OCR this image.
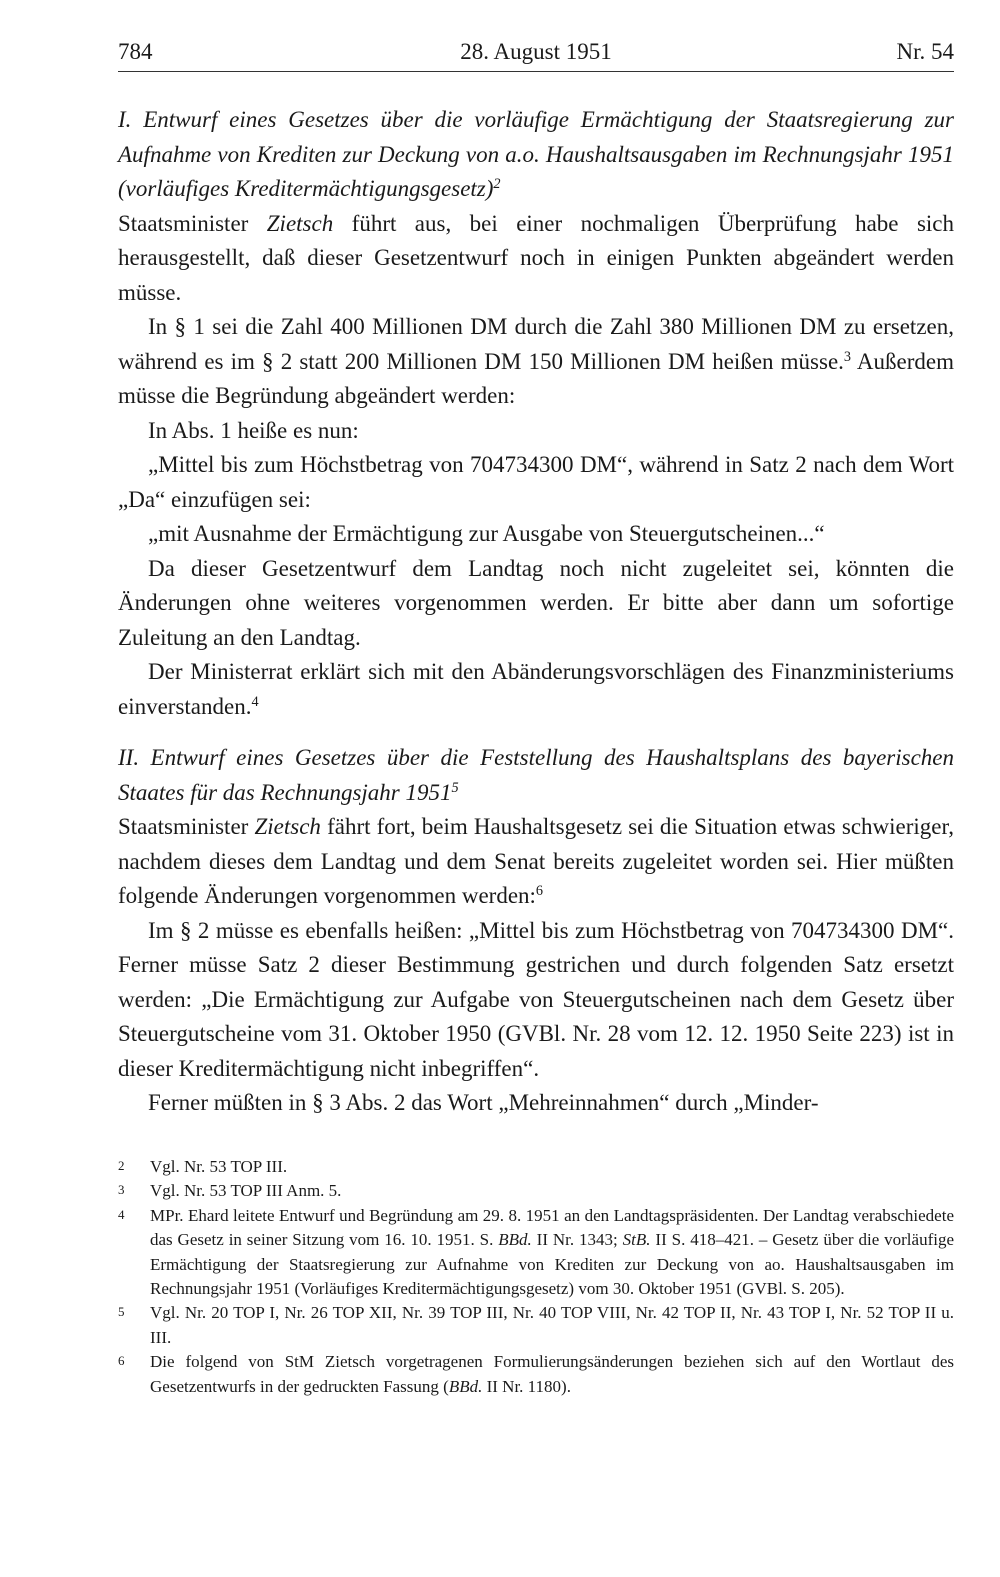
784	28. August 1951	Nr. 54

I. Entwurf eines Gesetzes über die vorläufige Ermächtigung der Staatsregierung zur Aufnahme von Krediten zur Deckung von a.o. Haushaltsausgaben im Rechnungsjahr 1951 (vorläufiges Kreditermächtigungsgesetz)$^2$

Staatsminister Zietsch führt aus, bei einer nochmaligen Überprüfung habe sich herausgestellt, daß dieser Gesetzentwurf noch in einigen Punkten abgeändert werden müsse.

In § 1 sei die Zahl 400 Millionen DM durch die Zahl 380 Millionen DM zu ersetzen, während es im § 2 statt 200 Millionen DM 150 Millionen DM heißen müsse.$^3$ Außerdem müsse die Begründung abgeändert werden:

In Abs. 1 heiße es nun:

„Mittel bis zum Höchstbetrag von 704734300 DM“, während in Satz 2 nach dem Wort „Da“ einzufügen sei:

„mit Ausnahme der Ermächtigung zur Ausgabe von Steuergutscheinen...“

Da dieser Gesetzentwurf dem Landtag noch nicht zugeleitet sei, könnten die Änderungen ohne weiteres vorgenommen werden. Er bitte aber dann um sofortige Zuleitung an den Landtag.

Der Ministerrat erklärt sich mit den Abänderungsvorschlägen des Finanzministeriums einverstanden.$^4$

II. Entwurf eines Gesetzes über die Feststellung des Haushaltsplans des bayerischen Staates für das Rechnungsjahr 1951$^5$

Staatsminister Zietsch fährt fort, beim Haushaltsgesetz sei die Situation etwas schwieriger, nachdem dieses dem Landtag und dem Senat bereits zugeleitet worden sei. Hier müßten folgende Änderungen vorgenommen werden:$^6$

Im § 2 müsse es ebenfalls heißen: „Mittel bis zum Höchstbetrag von 704734300 DM“. Ferner müsse Satz 2 dieser Bestimmung gestrichen und durch folgenden Satz ersetzt werden: „Die Ermächtigung zur Aufgabe von Steuergutscheinen nach dem Gesetz über Steuergutscheine vom 31. Oktober 1950 (GVBl. Nr. 28 vom 12. 12. 1950 Seite 223) ist in dieser Kreditermächtigung nicht inbegriffen“.

Ferner müßten in § 3 Abs. 2 das Wort „Mehreinnahmen“ durch „Minder-

2 Vgl. Nr. 53 TOP III.

3 Vgl. Nr. 53 TOP III Anm. 5.

4 MPr. Ehard leitete Entwurf und Begründung am 29. 8. 1951 an den Landtagspräsidenten. Der Landtag verabschiedete das Gesetz in seiner Sitzung vom 16. 10. 1951. S. BBd. II Nr. 1343; StB. II S. 418–421. – Gesetz über die vorläufige Ermächtigung der Staatsregierung zur Aufnahme von Krediten zur Deckung von ao. Haushaltsausgaben im Rechnungsjahr 1951 (Vorläufiges Kreditermächtigungsgesetz) vom 30. Oktober 1951 (GVBl. S. 205).

5 Vgl. Nr. 20 TOP I, Nr. 26 TOP XII, Nr. 39 TOP III, Nr. 40 TOP VIII, Nr. 42 TOP II, Nr. 43 TOP I, Nr. 52 TOP II u. III.

6 Die folgend von StM Zietsch vorgetragenen Formulierungsänderungen beziehen sich auf den Wortlaut des Gesetzentwurfs in der gedruckten Fassung (BBd. II Nr. 1180).
